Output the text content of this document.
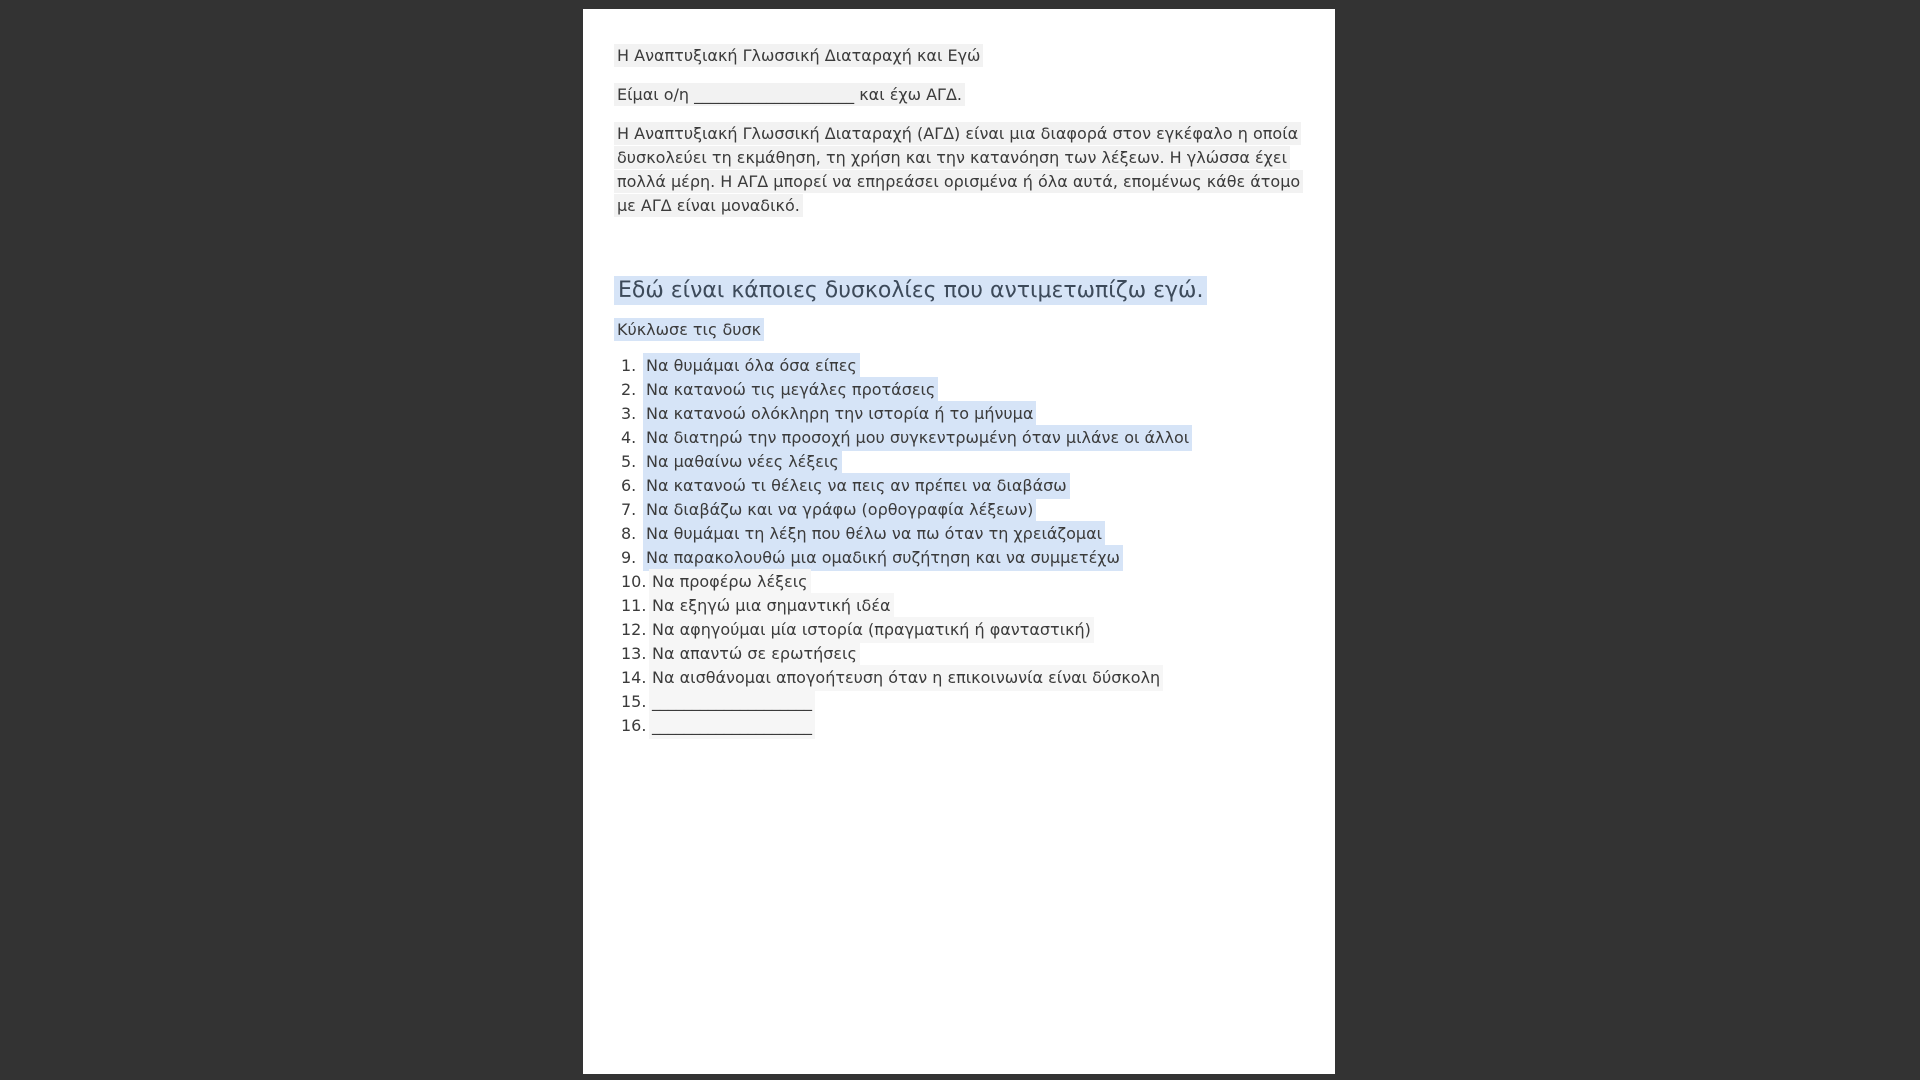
Η Αναπτυξιακή Γλωσσική Διαταραχή και Εγώ

Είμαι ο/η ____________________ και έχω ΑΓΔ.

Η Αναπτυξιακή Γλωσσική Διαταραχή (ΑΓΔ) είναι μια διαφορά στον εγκέφαλο η οποία δυσκολεύει τη εκμάθηση, τη χρήση και την κατανόηση των λέξεων. Η γλώσσα έχει πολλά μέρη. Η ΑΓΔ μπορεί να επηρεάσει ορισμένα ή όλα αυτά, επομένως κάθε άτομο με ΑΓΔ είναι μοναδικό.

Εδώ είναι κάποιες δυσκολίες που αντιμετωπίζω εγώ.

Κύκλωσε τις δυσκ

1. Να θυμάμαι όλα όσα είπες
2. Να κατανοώ τις μεγάλες προτάσεις
3. Να κατανοώ ολόκληρη την ιστορία ή το μήνυμα
4. Να διατηρώ την προσοχή μου συγκεντρωμένη όταν μιλάνε οι άλλοι
5. Να μαθαίνω νέες λέξεις
6. Να κατανοώ τι θέλεις να πεις αν πρέπει να διαβάσω
7. Να διαβάζω και να γράφω (ορθογραφία λέξεων)
8. Να θυμάμαι τη λέξη που θέλω να πω όταν τη χρειάζομαι
9. Να παρακολουθώ μια ομαδική συζήτηση και να συμμετέχω
10. Να προφέρω λέξεις
11. Να εξηγώ μια σημαντική ιδέα
12. Να αφηγούμαι μία ιστορία (πραγματική ή φανταστική)
13. Να απαντώ σε ερωτήσεις
14. Να αισθάνομαι απογοήτευση όταν η επικοινωνία είναι δύσκολη
15. ____________________
16. ____________________
